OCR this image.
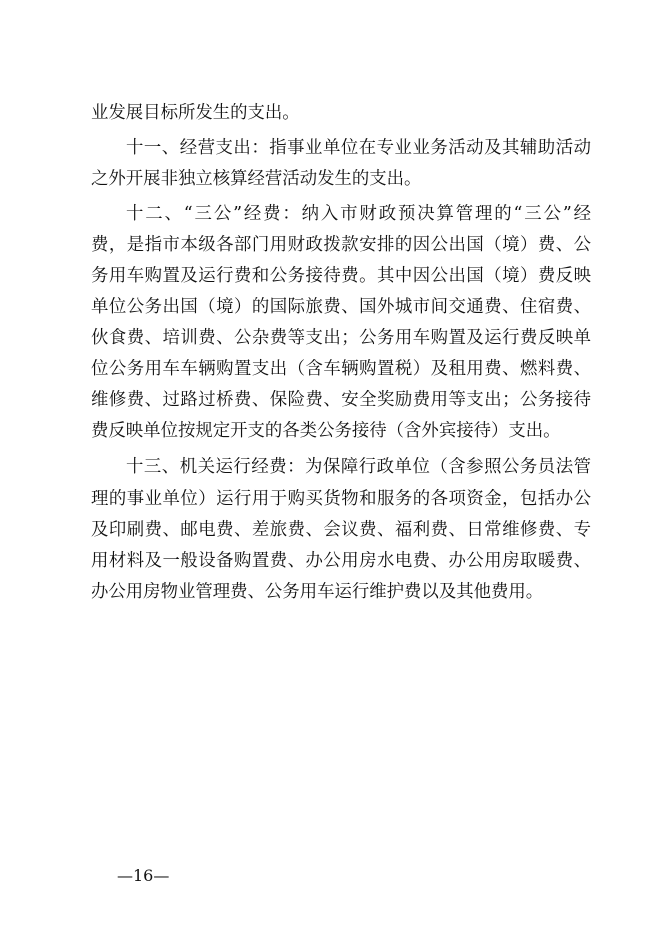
业发展目标所发生的支出。
十一、经营支出：指事业单位在专业业务活动及其辅助活动
之外开展非独立核算经营活动发生的支出。
十二、“三公”经费：纳入市财政预决算管理的“三公”经
费，是指市本级各部门用财政拨款安排的因公出国（境）费、公
务用车购置及运行费和公务接待费。其中因公出国（境）费反映
单位公务出国（境）的国际旅费、国外城市间交通费、住宿费、
伙食费、培训费、公杂费等支出；公务用车购置及运行费反映单
位公务用车车辆购置支出（含车辆购置税）及租用费、燃料费、
维修费、过路过桥费、保险费、安全奖励费用等支出；公务接待
费反映单位按规定开支的各类公务接待（含外宾接待）支出。
十三、机关运行经费：为保障行政单位（含参照公务员法管
理的事业单位）运行用于购买货物和服务的各项资金，包括办公
及印刷费、邮电费、差旅费、会议费、福利费、日常维修费、专
用材料及一般设备购置费、办公用房水电费、办公用房取暖费、
办公用房物业管理费、公务用车运行维护费以及其他费用。
—16—
